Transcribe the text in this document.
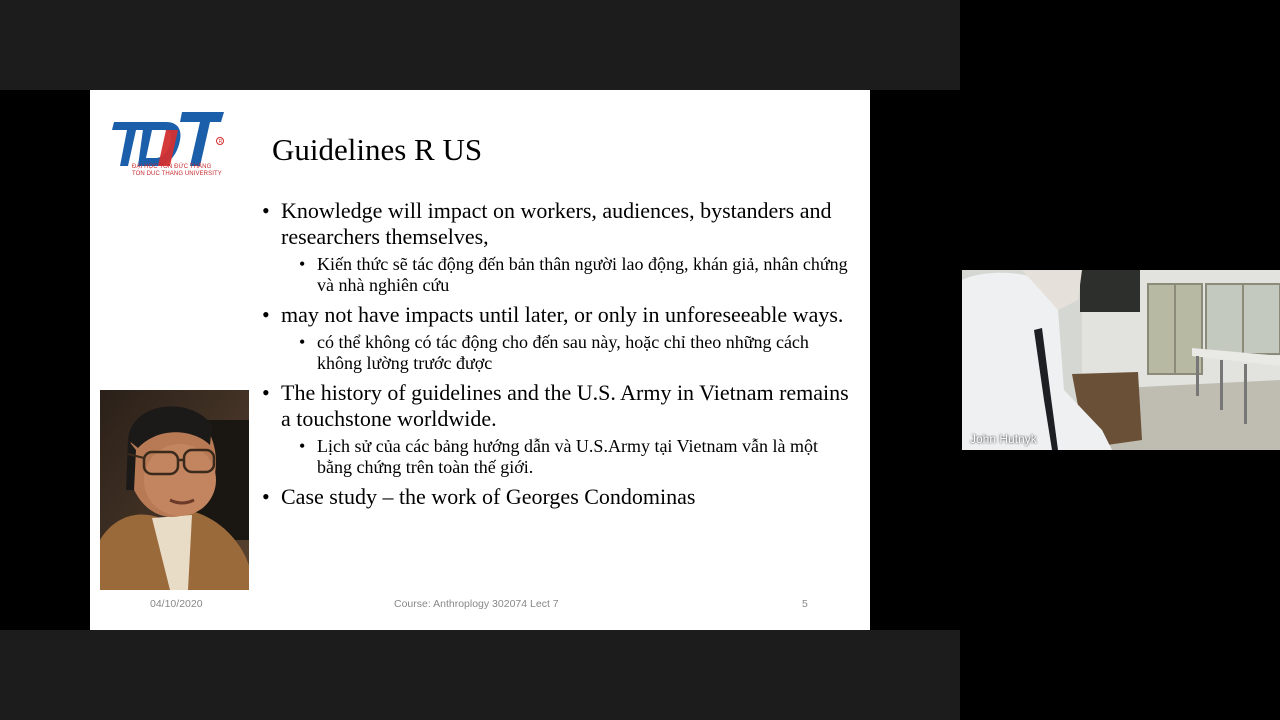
R
ĐẠI HỌC TÔN ĐỨC THẮNG
TON DUC THANG UNIVERSITY
Guidelines R US
• Knowledge will impact on workers, audiences, bystanders and researchers themselves,
• Kiến thức sẽ tác động đến bản thân người lao động, khán giả, nhân chứng và nhà nghiên cứu
• may not have impacts until later, or only in unforeseeable ways.
• có thể không có tác động cho đến sau này, hoặc chỉ theo những cách không lường trước được
• The history of guidelines and the U.S. Army in Vietnam remains a touchstone worldwide.
• Lịch sử của các bảng hướng dẫn và U.S.Army tại Vietnam vẫn là một bằng chứng trên toàn thế giới.
• Case study – the work of Georges Condominas
04/10/2020	Course: Anthroplogy 302074 Lect 7	5
John Hutnyk
